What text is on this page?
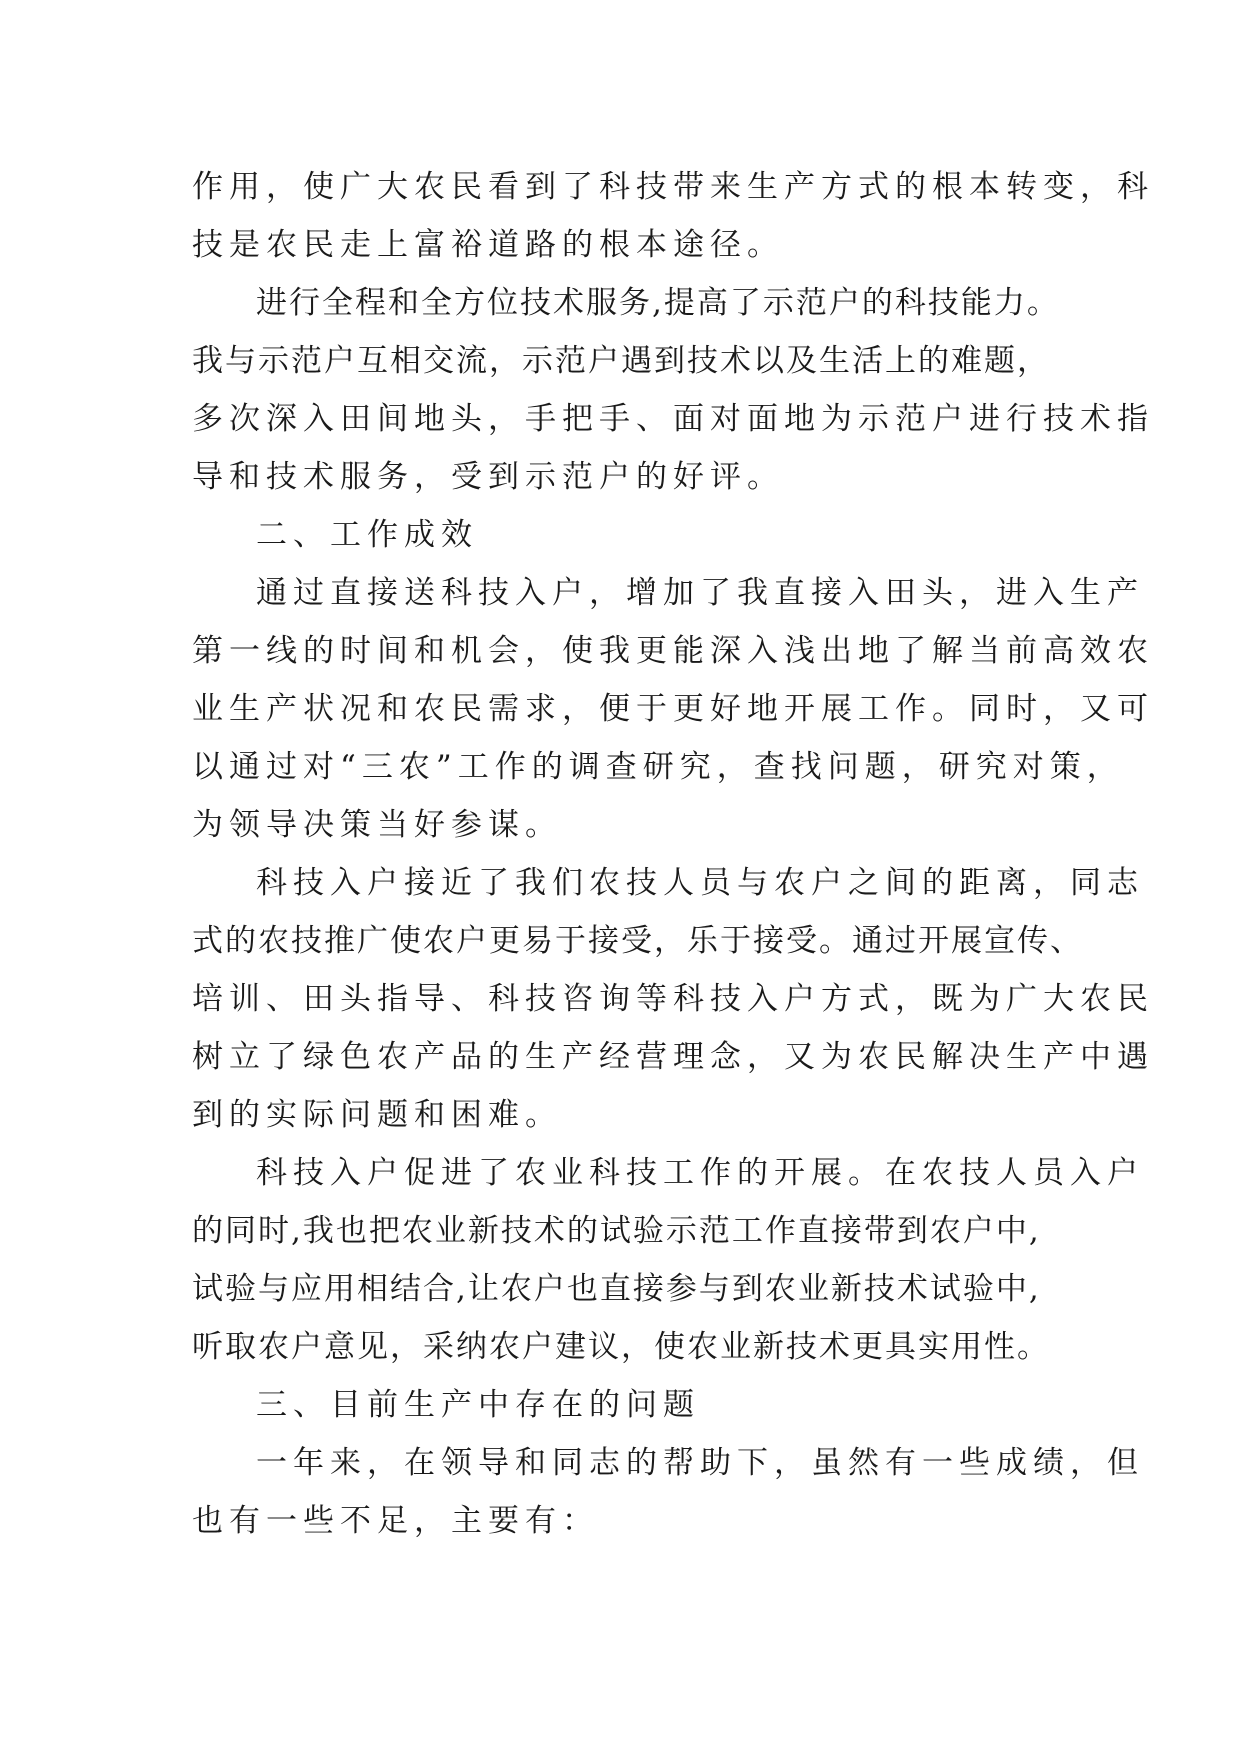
作用，使广大农民看到了科技带来生产方式的根本转变，科
技是农民走上富裕道路的根本途径。
进行全程和全方位技术服务,提高了示范户的科技能力。
我与示范户互相交流，示范户遇到技术以及生活上的难题，
多次深入田间地头，手把手、面对面地为示范户进行技术指
导和技术服务，受到示范户的好评。
二、工作成效
通过直接送科技入户，增加了我直接入田头，进入生产
第一线的时间和机会，使我更能深入浅出地了解当前高效农
业生产状况和农民需求，便于更好地开展工作。同时，又可
以通过对“三农”工作的调查研究，查找问题，研究对策，
为领导决策当好参谋。
科技入户接近了我们农技人员与农户之间的距离，同志
式的农技推广使农户更易于接受，乐于接受。通过开展宣传、
培训、田头指导、科技咨询等科技入户方式，既为广大农民
树立了绿色农产品的生产经营理念，又为农民解决生产中遇
到的实际问题和困难。
科技入户促进了农业科技工作的开展。在农技人员入户
的同时,我也把农业新技术的试验示范工作直接带到农户中,
试验与应用相结合,让农户也直接参与到农业新技术试验中,
听取农户意见，采纳农户建议，使农业新技术更具实用性。
三、目前生产中存在的问题
一年来，在领导和同志的帮助下，虽然有一些成绩，但
也有一些不足，主要有：
